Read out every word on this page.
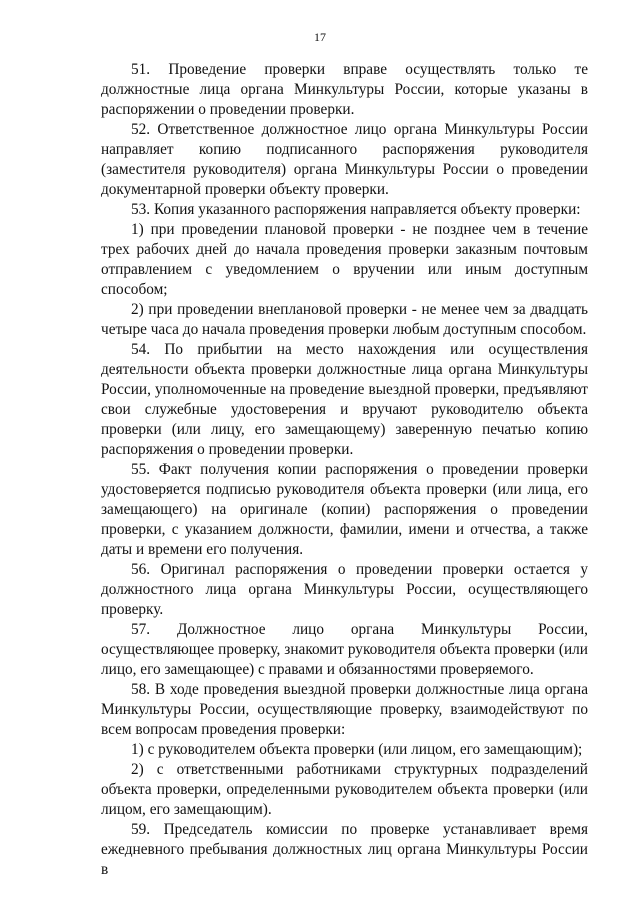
17

51. Проведение проверки вправе осуществлять только те должностные лица органа Минкультуры России, которые указаны в распоряжении о проведении проверки.

52. Ответственное должностное лицо органа Минкультуры России направляет копию подписанного распоряжения руководителя (заместителя руководителя) органа Минкультуры России о проведении документарной проверки объекту проверки.

53. Копия указанного распоряжения направляется объекту проверки:

1) при проведении плановой проверки - не позднее чем в течение трех рабочих дней до начала проведения проверки заказным почтовым отправлением с уведомлением о вручении или иным доступным способом;

2) при проведении внеплановой проверки - не менее чем за двадцать четыре часа до начала проведения проверки любым доступным способом.

54. По прибытии на место нахождения или осуществления деятельности объекта проверки должностные лица органа Минкультуры России, уполномоченные на проведение выездной проверки, предъявляют свои служебные удостоверения и вручают руководителю объекта проверки (или лицу, его замещающему) заверенную печатью копию распоряжения о проведении проверки.

55. Факт получения копии распоряжения о проведении проверки удостоверяется подписью руководителя объекта проверки (или лица, его замещающего) на оригинале (копии) распоряжения о проведении проверки, с указанием должности, фамилии, имени и отчества, а также даты и времени его получения.

56. Оригинал распоряжения о проведении проверки остается у должностного лица органа Минкультуры России, осуществляющего проверку.

57. Должностное лицо органа Минкультуры России, осуществляющее проверку, знакомит руководителя объекта проверки (или лицо, его замещающее) с правами и обязанностями проверяемого.

58. В ходе проведения выездной проверки должностные лица органа Минкультуры России, осуществляющие проверку, взаимодействуют по всем вопросам проведения проверки:

1) с руководителем объекта проверки (или лицом, его замещающим);

2) с ответственными работниками структурных подразделений объекта проверки, определенными руководителем объекта проверки (или лицом, его замещающим).

59. Председатель комиссии по проверке устанавливает время ежедневного пребывания должностных лиц органа Минкультуры России в
